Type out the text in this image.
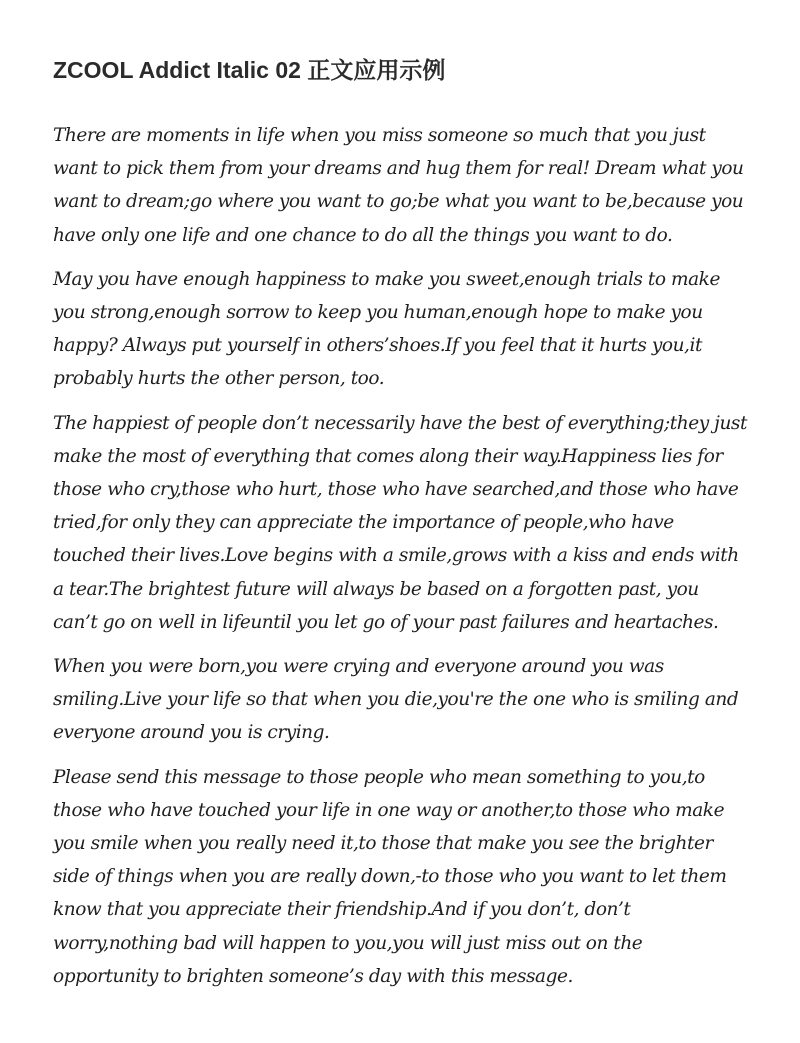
ZCOOL Addict Italic 02 正文应用示例

There are moments in life when you miss someone so much that you just want to pick them from your dreams and hug them for real! Dream what you want to dream;go where you want to go;be what you want to be,because you have only one life and one chance to do all the things you want to do.

May you have enough happiness to make you sweet,enough trials to make you strong,enough sorrow to keep you human,enough hope to make you happy? Always put yourself in others’shoes.If you feel that it hurts you,it probably hurts the other person, too.

The happiest of people don’t necessarily have the best of everything;they just make the most of everything that comes along their way.Happiness lies for those who cry,those who hurt, those who have searched,and those who have tried,for only they can appreciate the importance of people,who have touched their lives.Love begins with a smile,grows with a kiss and ends with a tear.The brightest future will always be based on a forgotten past, you can’t go on well in lifeuntil you let go of your past failures and heartaches.

When you were born,you were crying and everyone around you was smiling.Live your life so that when you die,you're the one who is smiling and everyone around you is crying.

Please send this message to those people who mean something to you,to those who have touched your life in one way or another,to those who make you smile when you really need it,to those that make you see the brighter side of things when you are really down,-to those who you want to let them know that you appreciate their friendship.And if you don’t, don’t worry,nothing bad will happen to you,you will just miss out on the opportunity to brighten someone’s day with this message.
